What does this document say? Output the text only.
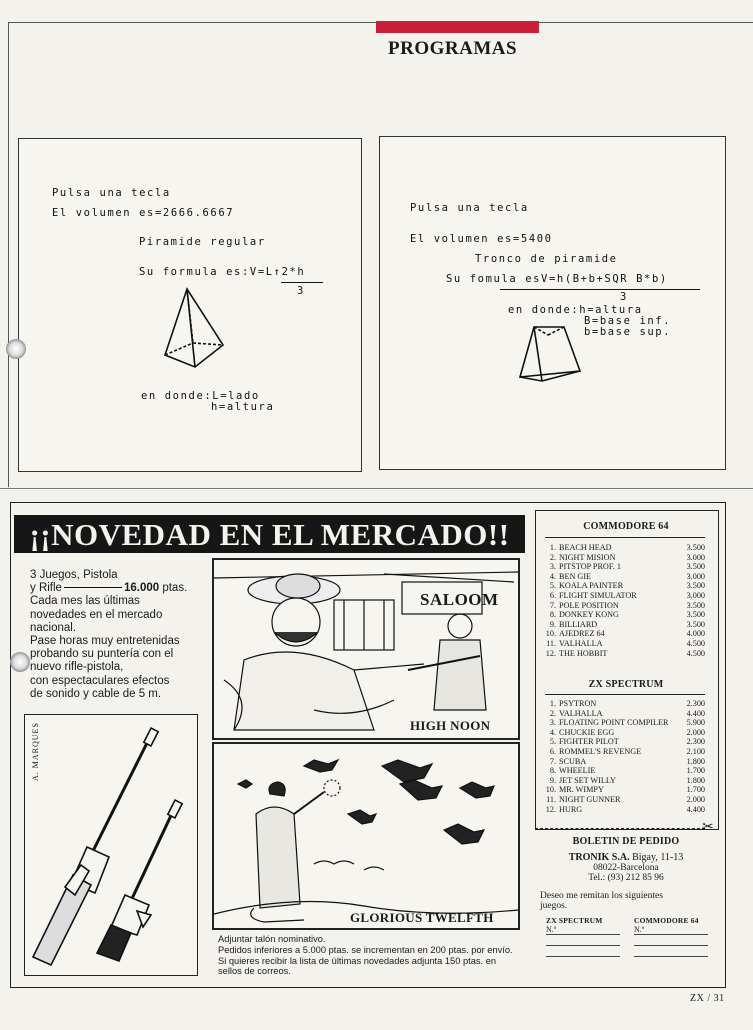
PROGRAMAS
Pulsa una tecla
El volumen es=2666.6667
Piramide regular
Su formula es:V=L↑2*h
3
en donde:L=lado
h=altura
Pulsa una tecla
El volumen es=5400
Tronco de piramide
Su fomula esV=h(B+b+SQR B*b)
3
en donde:h=altura
B=base inf.
b=base sup.
¡¡NOVEDAD EN EL MERCADO!!
3 Juegos, Pistola
y Rifle	16.000 ptas.
Cada mes las últimas
novedades en el mercado
nacional.
Pase horas muy entretenidas
probando su puntería con el
nuevo rifle-pistola,
con espectaculares efectos
de sonido y cable de 5 m.
A. MARQUES
SALOOM
HIGH NOON
GLORIOUS TWELFTH
COMMODORE 64
1. BEACH HEAD	3.500
2. NIGHT MISION	3.000
3. PITSTOP PROF. 1	3.500
4. BEN GIE	3.000
5. KOALA PAINTER	3.500
6. FLIGHT SIMULATOR	3.000
7. POLE POSITION	3.500
8. DONKEY KONG	3.500
9. BILLIARD	3.500
10. AJEDREZ 64	4.000
11. VALHALLA	4.500
12. THE HOBBIT	4.500
ZX SPECTRUM
1. PSYTRON	2.300
2. VALHALLA	4.400
3. FLOATING POINT COMPILER 5.900
4. CHUCKIE EGG	2.000
5. FIGHTER PILOT	2.300
6. ROMMEL'S REVENGE	2.100
7. SCUBA	1.800
8. WHEELIE	1.700
9. JET SET WILLY	1.800
10. MR. WIMPY	1.700
11. NIGHT GUNNER	2.000
12. HURG	4.400
✂
BOLETIN DE PEDIDO
TRONIK S.A. Bigay, 11-13
08022-Barcelona
Tel.: (93) 212 85 96
Deseo me remitan los siguientes
juegos.
ZX SPECTRUM
N.º
COMMODORE 64
N.º
Adjuntar talón nominativo.
Pedidos inferiores a 5.000 ptas. se incrementan en 200 ptas. por envío.
Si quieres recibir la lista de últimas novedades adjunta 150 ptas. en
sellos de correos.
ZX / 31
